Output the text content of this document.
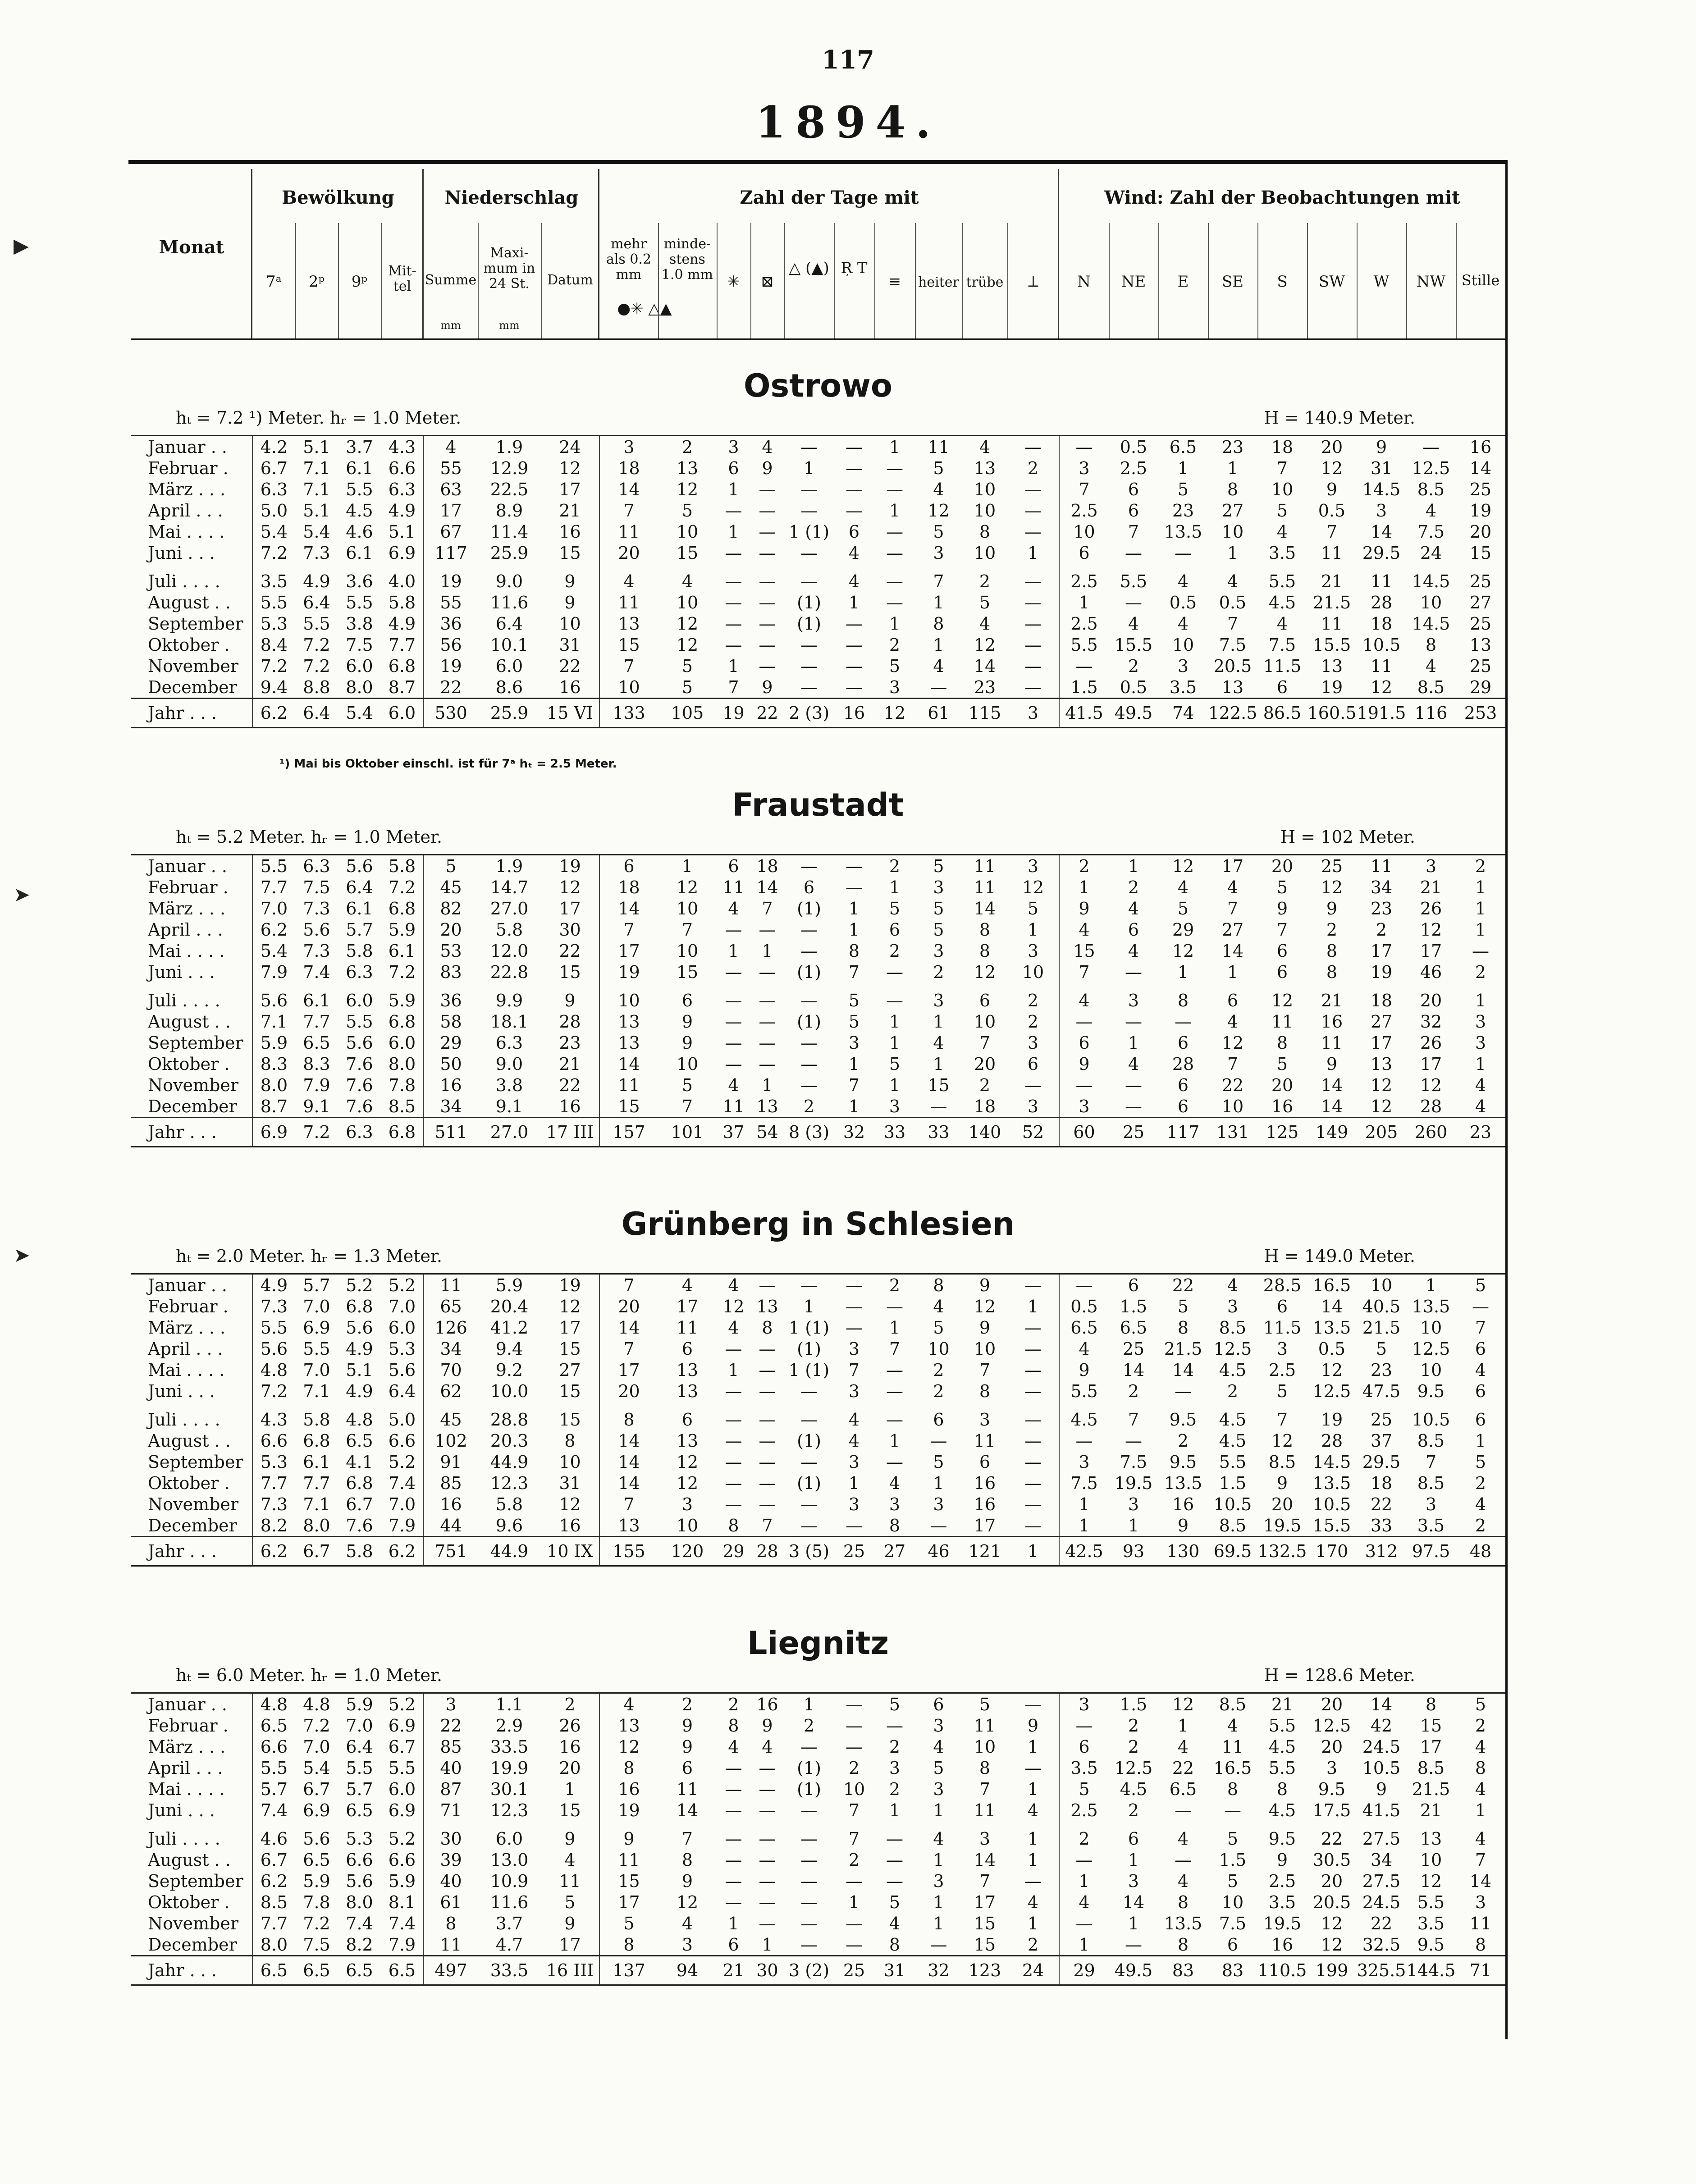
117
1894.
▶
➤
➤
Monat
Bewölkung
7ᵃ	2ᵖ	9ᵖ
Mit-tel
Niederschlag
Summe
Maxi-mum in 24 St.	Datum
mm	mm
Zahl der Tage mit
mehr als 0.2 mm
minde-stens 1.0 mm
●✳ △▲
✳	⊠
△ (▲) Ŗ T
≡	heiter trübe	⟂
Wind: Zahl der Beobachtungen mit
N	NE	E	SE	S	SW	W	NW	Stille
Ostrowo
hₜ = 7.2 ¹) Meter. hᵣ = 1.0 Meter.	H = 140.9 Meter.
Januar . .	4.2	5.1	3.7	4.3	4	1.9	24	3	2	3	4	—	—	1	11	4	—	—	0.5	6.5	23	18	20	9	—	16
Februar .	6.7	7.1	6.1	6.6	55	12.9	12	18	13	6	9	1	—	—	5	13	2	3	2.5	1	1	7	12	31	12.5	14
März . . .	6.3	7.1	5.5	6.3	63	22.5	17	14	12	1	—	—	—	—	4	10	—	7	6	5	8	10	9	14.5	8.5	25
April . . .	5.0	5.1	4.5	4.9	17	8.9	21	7	5	—	—	—	—	1	12	10	—	2.5	6	23	27	5	0.5	3	4	19
Mai . . . .	5.4	5.4	4.6	5.1	67	11.4	16	11	10	1	—	1 (1)	6	—	5	8	—	10	7	13.5	10	4	7	14	7.5	20
Juni . . .	7.2	7.3	6.1	6.9	117	25.9	15	20	15	—	—	—	4	—	3	10	1	6	—	—	1	3.5	11	29.5	24	15

Juli . . . .	3.5	4.9	3.6	4.0	19	9.0	9	4	4	—	—	—	4	—	7	2	—	2.5	5.5	4	4	5.5	21	11	14.5	25
August . .	5.5	6.4	5.5	5.8	55	11.6	9	11	10	—	—	(1)	1	—	1	5	—	1	—	0.5	0.5	4.5	21.5	28	10	27
September	5.3	5.5	3.8	4.9	36	6.4	10	13	12	—	—	(1)	—	1	8	4	—	2.5	4	4	7	4	11	18	14.5	25
Oktober .	8.4	7.2	7.5	7.7	56	10.1	31	15	12	—	—	—	—	2	1	12	—	5.5	15.5	10	7.5	7.5	15.5	10.5	8	13
November	7.2	7.2	6.0	6.8	19	6.0	22	7	5	1	—	—	—	5	4	14	—	—	2	3	20.5	11.5	13	11	4	25
December	9.4	8.8	8.0	8.7	22	8.6	16	10	5	7	9	—	—	3	—	23	—	1.5	0.5	3.5	13	6	19	12	8.5	29
Jahr . . .	6.2	6.4	5.4	6.0	530	25.9	15 VI	133	105	19	22	2 (3)	16	12	61	115	3	41.5	49.5	74	122.5	86.5	160.5	191.5	116	253
¹) Mai bis Oktober einschl. ist für 7ᵃ hₜ = 2.5 Meter.
Fraustadt
hₜ = 5.2 Meter. hᵣ = 1.0 Meter.	H = 102 Meter.
Januar . .	5.5	6.3	5.6	5.8	5	1.9	19	6	1	6	18	—	—	2	5	11	3	2	1	12	17	20	25	11	3	2
Februar .	7.7	7.5	6.4	7.2	45	14.7	12	18	12	11	14	6	—	1	3	11	12	1	2	4	4	5	12	34	21	1
März . . .	7.0	7.3	6.1	6.8	82	27.0	17	14	10	4	7	(1)	1	5	5	14	5	9	4	5	7	9	9	23	26	1
April . . .	6.2	5.6	5.7	5.9	20	5.8	30	7	7	—	—	—	1	6	5	8	1	4	6	29	27	7	2	2	12	1
Mai . . . .	5.4	7.3	5.8	6.1	53	12.0	22	17	10	1	1	—	8	2	3	8	3	15	4	12	14	6	8	17	17	—
Juni . . .	7.9	7.4	6.3	7.2	83	22.8	15	19	15	—	—	(1)	7	—	2	12	10	7	—	1	1	6	8	19	46	2

Juli . . . .	5.6	6.1	6.0	5.9	36	9.9	9	10	6	—	—	—	5	—	3	6	2	4	3	8	6	12	21	18	20	1
August . .	7.1	7.7	5.5	6.8	58	18.1	28	13	9	—	—	(1)	5	1	1	10	2	—	—	—	4	11	16	27	32	3
September	5.9	6.5	5.6	6.0	29	6.3	23	13	9	—	—	—	3	1	4	7	3	6	1	6	12	8	11	17	26	3
Oktober .	8.3	8.3	7.6	8.0	50	9.0	21	14	10	—	—	—	1	5	1	20	6	9	4	28	7	5	9	13	17	1
November	8.0	7.9	7.6	7.8	16	3.8	22	11	5	4	1	—	7	1	15	2	—	—	—	6	22	20	14	12	12	4
December	8.7	9.1	7.6	8.5	34	9.1	16	15	7	11	13	2	1	3	—	18	3	3	—	6	10	16	14	12	28	4
Jahr . . .	6.9	7.2	6.3	6.8	511	27.0	17 III	157	101	37	54	8 (3)	32	33	33	140	52	60	25	117	131	125	149	205	260	23
Grünberg in Schlesien
hₜ = 2.0 Meter. hᵣ = 1.3 Meter.	H = 149.0 Meter.
Januar . .	4.9	5.7	5.2	5.2	11	5.9	19	7	4	4	—	—	—	2	8	9	—	—	6	22	4	28.5	16.5	10	1	5
Februar .	7.3	7.0	6.8	7.0	65	20.4	12	20	17	12	13	1	—	—	4	12	1	0.5	1.5	5	3	6	14	40.5	13.5	—
März . . .	5.5	6.9	5.6	6.0	126	41.2	17	14	11	4	8	1 (1)	—	1	5	9	—	6.5	6.5	8	8.5	11.5	13.5	21.5	10	7
April . . .	5.6	5.5	4.9	5.3	34	9.4	15	7	6	—	—	(1)	3	7	10	10	—	4	25	21.5	12.5	3	0.5	5	12.5	6
Mai . . . .	4.8	7.0	5.1	5.6	70	9.2	27	17	13	1	—	1 (1)	7	—	2	7	—	9	14	14	4.5	2.5	12	23	10	4
Juni . . .	7.2	7.1	4.9	6.4	62	10.0	15	20	13	—	—	—	3	—	2	8	—	5.5	2	—	2	5	12.5	47.5	9.5	6

Juli . . . .	4.3	5.8	4.8	5.0	45	28.8	15	8	6	—	—	—	4	—	6	3	—	4.5	7	9.5	4.5	7	19	25	10.5	6
August . .	6.6	6.8	6.5	6.6	102	20.3	8	14	13	—	—	(1)	4	1	—	11	—	—	—	2	4.5	12	28	37	8.5	1
September	5.3	6.1	4.1	5.2	91	44.9	10	14	12	—	—	—	3	—	5	6	—	3	7.5	9.5	5.5	8.5	14.5	29.5	7	5
Oktober .	7.7	7.7	6.8	7.4	85	12.3	31	14	12	—	—	(1)	1	4	1	16	—	7.5	19.5	13.5	1.5	9	13.5	18	8.5	2
November	7.3	7.1	6.7	7.0	16	5.8	12	7	3	—	—	—	3	3	3	16	—	1	3	16	10.5	20	10.5	22	3	4
December	8.2	8.0	7.6	7.9	44	9.6	16	13	10	8	7	—	—	8	—	17	—	1	1	9	8.5	19.5	15.5	33	3.5	2
Jahr . . .	6.2	6.7	5.8	6.2	751	44.9	10 IX	155	120	29	28	3 (5)	25	27	46	121	1	42.5	93	130	69.5	132.5	170	312	97.5	48
Liegnitz
hₜ = 6.0 Meter. hᵣ = 1.0 Meter.	H = 128.6 Meter.
Januar . .	4.8	4.8	5.9	5.2	3	1.1	2	4	2	2	16	1	—	5	6	5	—	3	1.5	12	8.5	21	20	14	8	5
Februar .	6.5	7.2	7.0	6.9	22	2.9	26	13	9	8	9	2	—	—	3	11	9	—	2	1	4	5.5	12.5	42	15	2
März . . .	6.6	7.0	6.4	6.7	85	33.5	16	12	9	4	4	—	—	2	4	10	1	6	2	4	11	4.5	20	24.5	17	4
April . . .	5.5	5.4	5.5	5.5	40	19.9	20	8	6	—	—	(1)	2	3	5	8	—	3.5	12.5	22	16.5	5.5	3	10.5	8.5	8
Mai . . . .	5.7	6.7	5.7	6.0	87	30.1	1	16	11	—	—	(1)	10	2	3	7	1	5	4.5	6.5	8	8	9.5	9	21.5	4
Juni . . .	7.4	6.9	6.5	6.9	71	12.3	15	19	14	—	—	—	7	1	1	11	4	2.5	2	—	—	4.5	17.5	41.5	21	1

Juli . . . .	4.6	5.6	5.3	5.2	30	6.0	9	9	7	—	—	—	7	—	4	3	1	2	6	4	5	9.5	22	27.5	13	4
August . .	6.7	6.5	6.6	6.6	39	13.0	4	11	8	—	—	—	2	—	1	14	1	—	1	—	1.5	9	30.5	34	10	7
September	6.2	5.9	5.6	5.9	40	10.9	11	15	9	—	—	—	—	—	3	7	—	1	3	4	5	2.5	20	27.5	12	14
Oktober .	8.5	7.8	8.0	8.1	61	11.6	5	17	12	—	—	—	1	5	1	17	4	4	14	8	10	3.5	20.5	24.5	5.5	3
November	7.7	7.2	7.4	7.4	8	3.7	9	5	4	1	—	—	—	4	1	15	1	—	1	13.5	7.5	19.5	12	22	3.5	11
December	8.0	7.5	8.2	7.9	11	4.7	17	8	3	6	1	—	—	8	—	15	2	1	—	8	6	16	12	32.5	9.5	8
Jahr . . .	6.5	6.5	6.5	6.5	497	33.5	16 III	137	94	21	30	3 (2)	25	31	32	123	24	29	49.5	83	83	110.5	199	325.5	144.5	71
